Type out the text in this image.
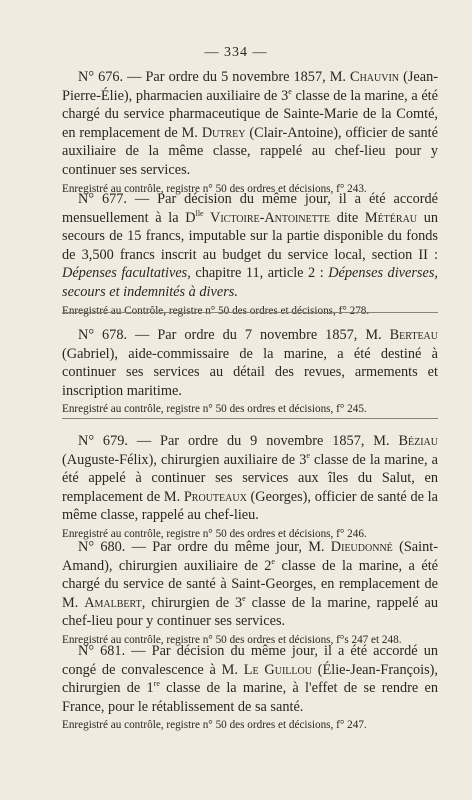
— 334 —

N° 676. — Par ordre du 5 novembre 1857, M. Chauvin (Jean-Pierre-Élie), pharmacien auxiliaire de 3e classe de la marine, a été chargé du service pharmaceutique de Sainte-Marie de la Comté, en remplacement de M. Dutrey (Clair-Antoine), officier de santé auxiliaire de la même classe, rappelé au chef-lieu pour y continuer ses services.

Enregistré au contrôle, registre n° 50 des ordres et décisions, f° 243.

N° 677. — Par décision du même jour, il a été accordé mensuellement à la $D^{lle}$ Victoire-Antoinette dite Métérau un secours de 15 francs, imputable sur la partie disponible du fonds de 3,500 francs inscrit au budget du service local, section II : Dépenses facultatives, chapitre 11, article 2 : Dépenses diverses, secours et indemnités à divers.

Enregistré au Contrôle, registre n° 50 des ordres et décisions, f° 278.

N° 678. — Par ordre du 7 novembre 1857, M. Berteau (Gabriel), aide-commissaire de la marine, a été destiné à continuer ses services au détail des revues, armements et inscription maritime.

Enregistré au contrôle, registre n° 50 des ordres et décisions, f° 245.

N° 679. — Par ordre du 9 novembre 1857, M. Béziau (Auguste-Félix), chirurgien auxiliaire de 3e classe de la marine, a été appelé à continuer ses services aux îles du Salut, en remplacement de M. Prouteaux (Georges), officier de santé de la même classe, rappelé au chef-lieu.

Enregistré au contrôle, registre n° 50 des ordres et décisions, f° 246.

N° 680. — Par ordre du même jour, M. Dieudonné (Saint-Amand), chirurgien auxiliaire de 2e classe de la marine, a été chargé du service de santé à Saint-Georges, en remplacement de M. Amalbert, chirurgien de 3e classe de la marine, rappelé au chef-lieu pour y continuer ses services.

Enregistré au contrôle, registre n° 50 des ordres et décisions, f°s 247 et 248.

N° 681. — Par décision du même jour, il a été accordé un congé de convalescence à M. Le Guillou (Élie-Jean-François), chirurgien de 1re classe de la marine, à l'effet de se rendre en France, pour le rétablissement de sa santé.

Enregistré au contrôle, registre n° 50 des ordres et décisions, f° 247.
